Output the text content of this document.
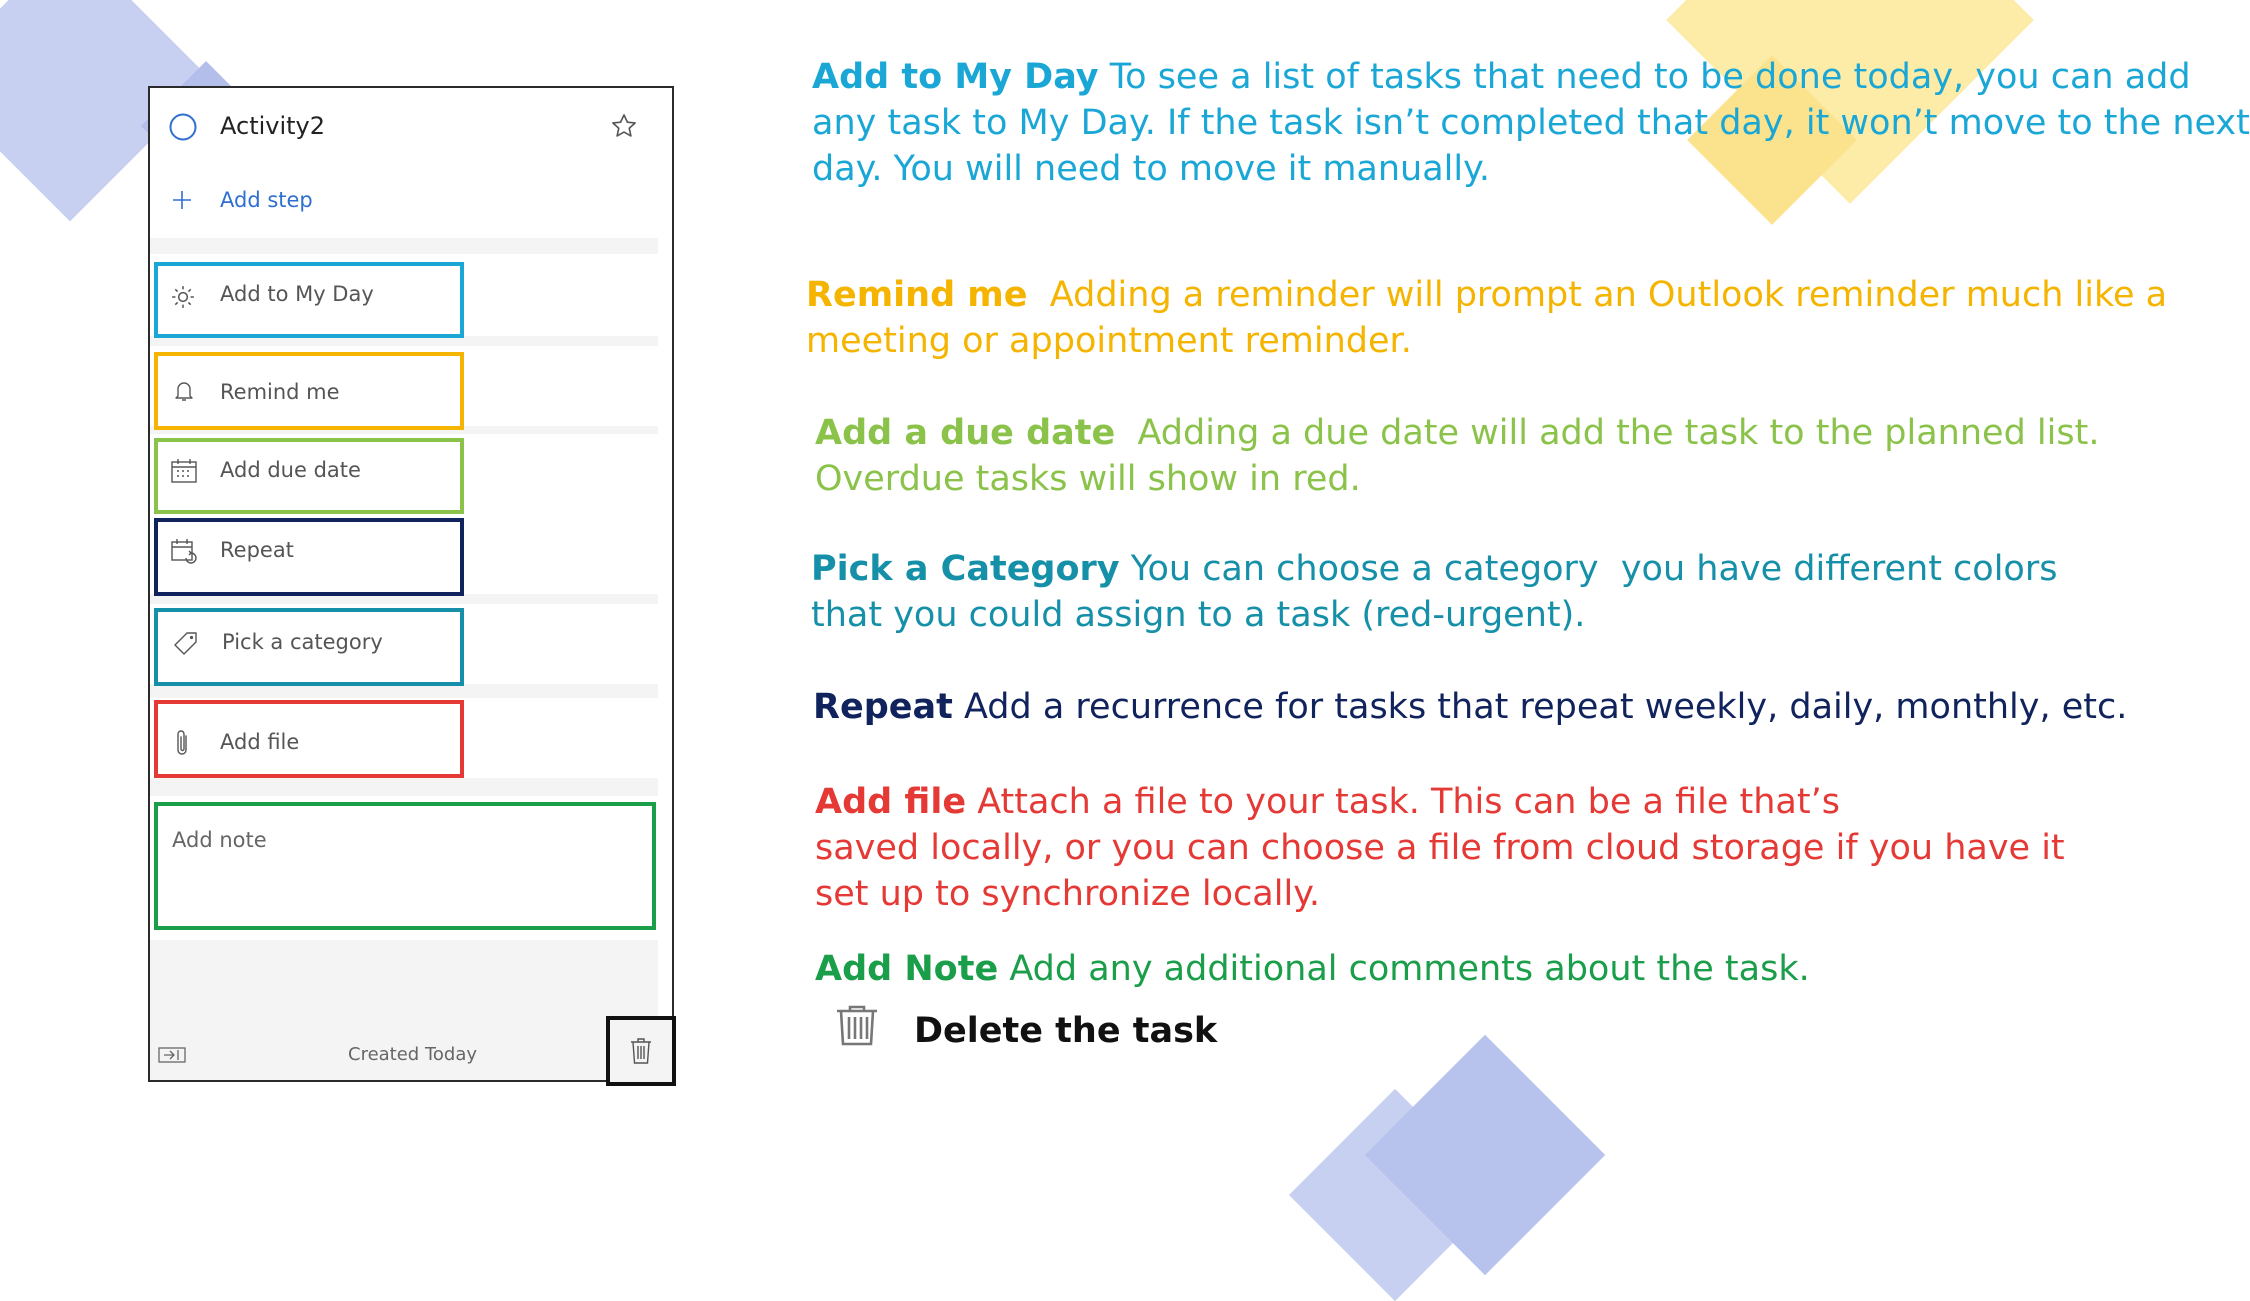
Activity2
Add step
Add to My Day
Remind me
Add due date
Repeat
Pick a category
Add file
Add note
Created Today
Add to My Day To see a list of tasks that need to be done today, you can add
any task to My Day. If the task isn’t completed that day, it won’t move to the next
day. You will need to move it manually.
Remind me  Adding a reminder will prompt an Outlook reminder much like a
meeting or appointment reminder.
Add a due date  Adding a due date will add the task to the planned list.
Overdue tasks will show in red.
Pick a Category You can choose a category  you have different colors
that you could assign to a task (red-urgent).
Repeat Add a recurrence for tasks that repeat weekly, daily, monthly, etc.
Add file Attach a file to your task. This can be a file that’s
saved locally, or you can choose a file from cloud storage if you have it
set up to synchronize locally.
Add Note Add any additional comments about the task.
Delete the task
